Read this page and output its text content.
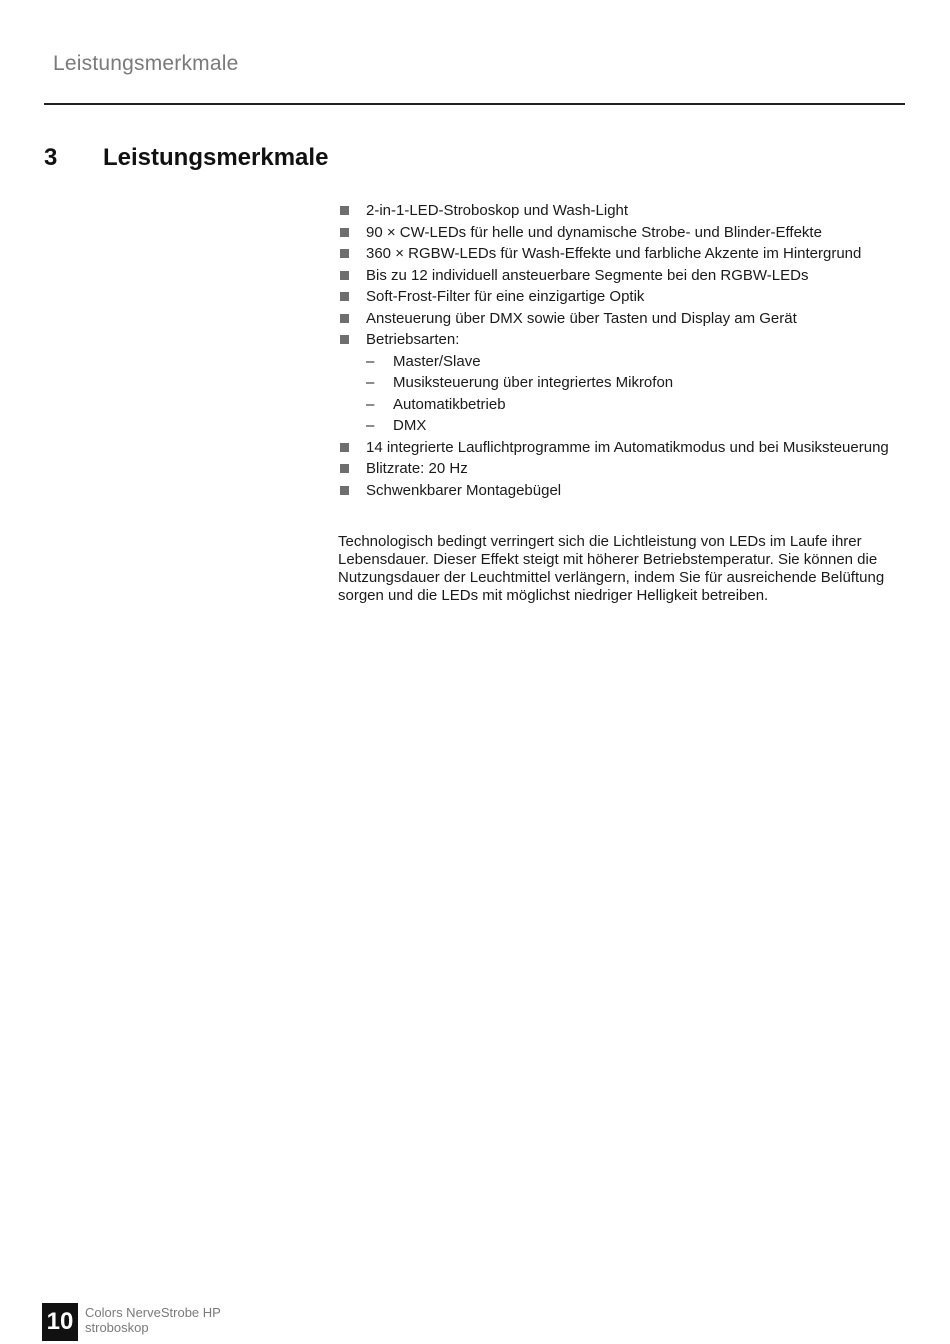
Leistungsmerkmale
3 Leistungsmerkmale
2-in-1-LED-Stroboskop und Wash-Light
90 × CW-LEDs für helle und dynamische Strobe- und Blinder-Effekte
360 × RGBW-LEDs für Wash-Effekte und farbliche Akzente im Hintergrund
Bis zu 12 individuell ansteuerbare Segmente bei den RGBW-LEDs
Soft-Frost-Filter für eine einzigartige Optik
Ansteuerung über DMX sowie über Tasten und Display am Gerät
Betriebsarten:
– Master/Slave
– Musiksteuerung über integriertes Mikrofon
– Automatikbetrieb
– DMX
14 integrierte Lauflichtprogramme im Automatikmodus und bei Musiksteuerung
Blitzrate: 20 Hz
Schwenkbarer Montagebügel

Technologisch bedingt verringert sich die Lichtleistung von LEDs im Laufe ihrer Lebensdauer. Dieser Effekt steigt mit höherer Betriebstemperatur. Sie können die Nutzungsdauer der Leuchtmittel verlängern, indem Sie für ausreichende Belüftung sorgen und die LEDs mit möglichst niedriger Helligkeit betreiben.

10 Colors NerveStrobe HP
stroboskop
